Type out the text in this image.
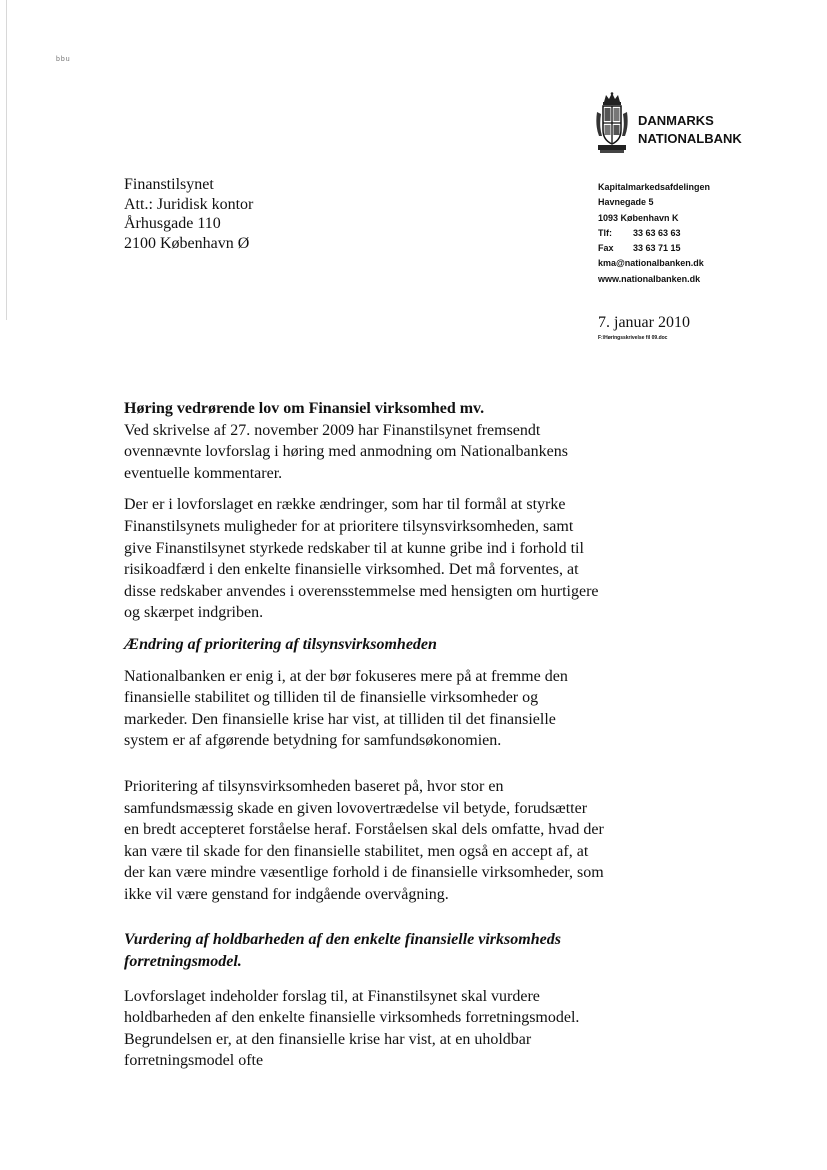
bbu
DANMARKS
NATIONALBANK
Finanstilsynet
Att.: Juridisk kontor
Århusgade 110
2100 København Ø
Kapitalmarkedsafdelingen
Havnegade 5
1093 København K
Tlf: 33 63 63 63
Fax 33 63 71 15
kma@nationalbanken.dk
www.nationalbanken.dk
7. januar 2010
F:\Høringsskrivelse fil 09.doc

Høring vedrørende lov om Finansiel virksomhed mv.

Ved skrivelse af 27. november 2009 har Finanstilsynet fremsendt ovennævnte lovforslag i høring med anmodning om Nationalbankens eventuelle kommentarer.

Der er i lovforslaget en række ændringer, som har til formål at styrke Finanstilsynets muligheder for at prioritere tilsynsvirksomheden, samt give Finanstilsynet styrkede redskaber til at kunne gribe ind i forhold til risikoadfærd i den enkelte finansielle virksomhed. Det må forventes, at disse redskaber anvendes i overensstemmelse med hensigten om hurtigere og skærpet indgriben.

Ændring af prioritering af tilsynsvirksomheden

Nationalbanken er enig i, at der bør fokuseres mere på at fremme den finansielle stabilitet og tilliden til de finansielle virksomheder og markeder. Den finansielle krise har vist, at tilliden til det finansielle system er af afgørende betydning for samfundsøkonomien.

Prioritering af tilsynsvirksomheden baseret på, hvor stor en samfundsmæssig skade en given lovovertrædelse vil betyde, forudsætter en bredt accepteret forståelse heraf. Forståelsen skal dels omfatte, hvad der kan være til skade for den finansielle stabilitet, men også en accept af, at der kan være mindre væsentlige forhold i de finansielle virksomheder, som ikke vil være genstand for indgående overvågning.

Vurdering af holdbarheden af den enkelte finansielle virksomheds forretningsmodel.

Lovforslaget indeholder forslag til, at Finanstilsynet skal vurdere holdbarheden af den enkelte finansielle virksomheds forretningsmodel. Begrundelsen er, at den finansielle krise har vist, at en uholdbar forretningsmodel ofte
